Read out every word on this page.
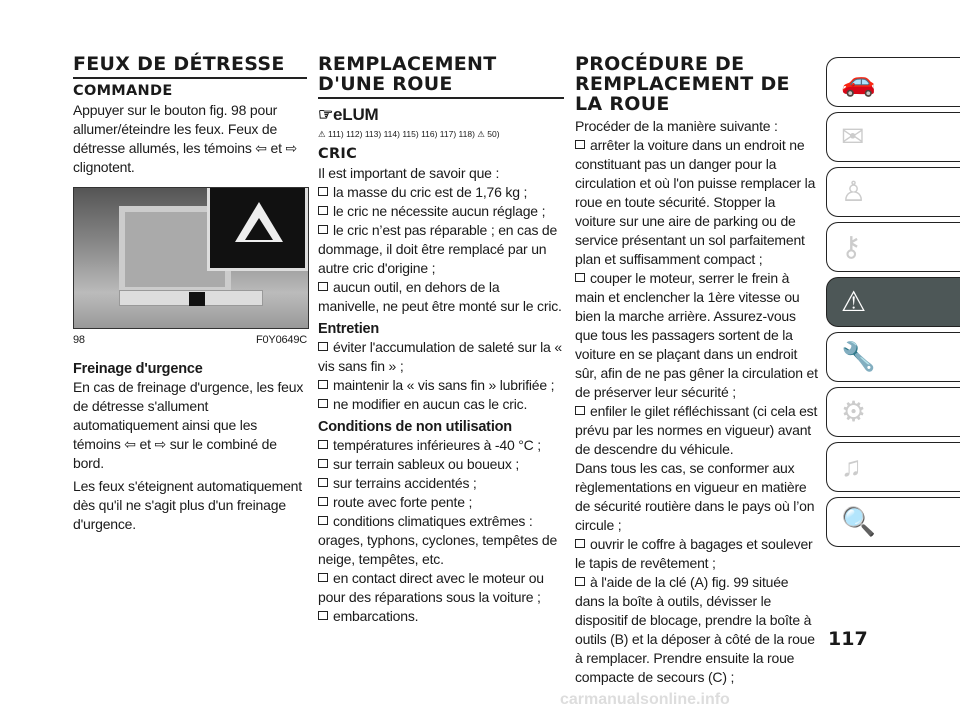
FEUX DE DÉTRESSE
COMMANDE

Appuyer sur le bouton fig. 98 pour allumer/éteindre les feux. Feux de détresse allumés, les témoins ⇦ et ⇨ clignotent.

98	F0Y0649C
Freinage d'urgence

En cas de freinage d'urgence, les feux de détresse s'allument automatiquement ainsi que les témoins ⇦ et ⇨ sur le combiné de bord.

Les feux s'éteignent automatiquement dès qu'il ne s'agit plus d'un freinage d'urgence.

REMPLACEMENT D'UNE ROUE
☞eLUM
⚠ 111) 112) 113) 114) 115) 116) 117) 118) ⚠ 50)
CRIC

Il est important de savoir que :

la masse du cric est de 1,76 kg ;

le cric ne nécessite aucun réglage ;

le cric n’est pas réparable ; en cas de dommage, il doit être remplacé par un autre cric d'origine ;

aucun outil, en dehors de la manivelle, ne peut être monté sur le cric.

Entretien

éviter l'accumulation de saleté sur la « vis sans fin » ;

maintenir la « vis sans fin » lubrifiée ;

ne modifier en aucun cas le cric.

Conditions de non utilisation

températures inférieures à -40 °C ;

sur terrain sableux ou boueux ;

sur terrains accidentés ;

route avec forte pente ;

conditions climatiques extrêmes : orages, typhons, cyclones, tempêtes de neige, tempêtes, etc.

en contact direct avec le moteur ou pour des réparations sous la voiture ;

embarcations.

PROCÉDURE DE REMPLACEMENT DE LA ROUE

Procéder de la manière suivante :

arrêter la voiture dans un endroit ne constituant pas un danger pour la circulation et où l'on puisse remplacer la roue en toute sécurité. Stopper la voiture sur une aire de parking ou de service présentant un sol parfaitement plan et suffisamment compact ;

couper le moteur, serrer le frein à main et enclencher la 1ère vitesse ou bien la marche arrière. Assurez-vous que tous les passagers sortent de la voiture en se plaçant dans un endroit sûr, afin de ne pas gêner la circulation et de préserver leur sécurité ;

enfiler le gilet réfléchissant (ci cela est prévu par les normes en vigueur) avant de descendre du véhicule.

Dans tous les cas, se conformer aux règlementations en vigueur en matière de sécurité routière dans le pays où l’on circule ;

ouvrir le coffre à bagages et soulever le tapis de revêtement ;

à l'aide de la clé (A) fig. 99 située dans la boîte à outils, dévisser le dispositif de blocage, prendre la boîte à outils (B) et la déposer à côté de la roue à remplacer. Prendre ensuite la roue compacte de secours (C) ;

🚗
✉
♙
⚷
⚠
🔧
⚙
♫
🔍
117
carmanualsonline.info
